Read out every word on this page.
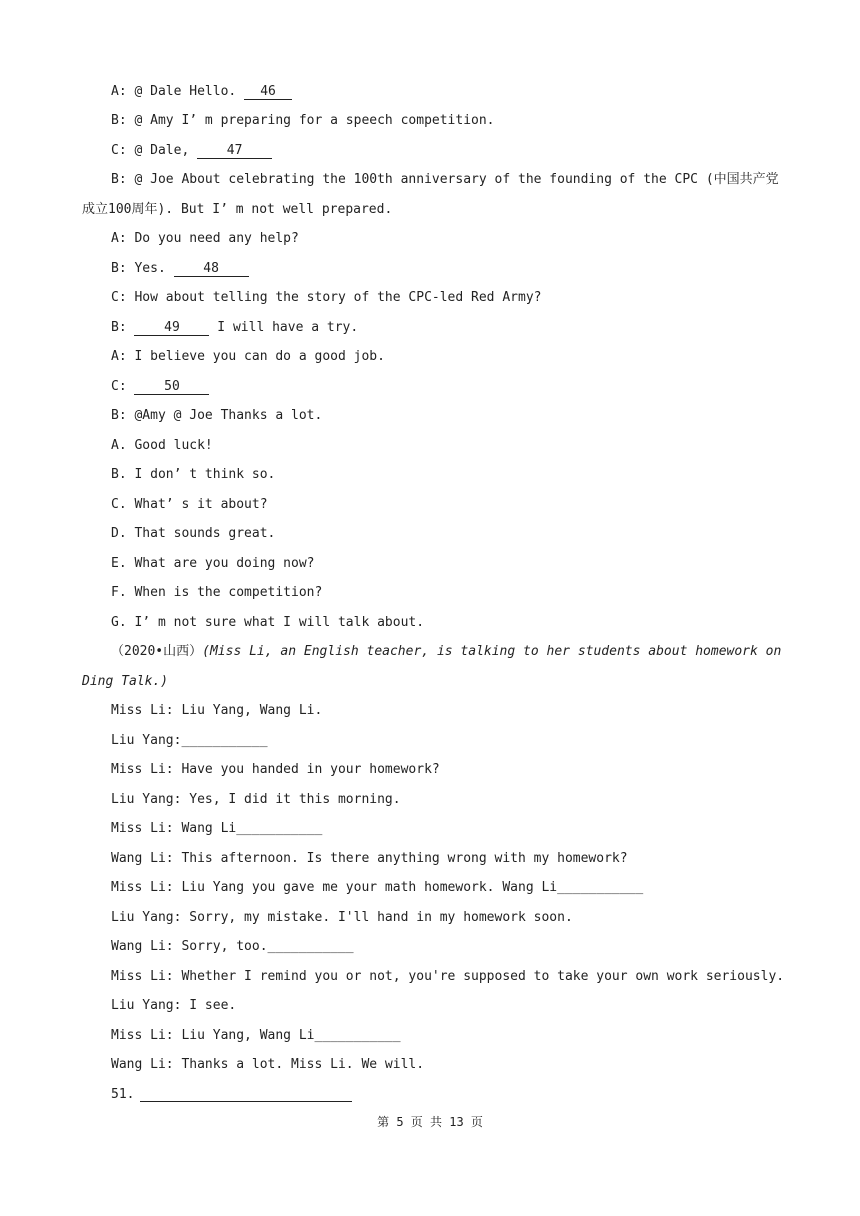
A: @ Dale Hello. 46
B: @ Amy I’ m preparing for a speech competition.
C: @ Dale, 47
B: @ Joe About celebrating the 100th anniversary of the founding of the CPC (中国共产党成立100周年). But I’ m not well prepared.
A: Do you need any help?
B: Yes. 48
C: How about telling the story of the CPC-led Red Army?
B: 49 I will have a try.
A: I believe you can do a good job.
C: 50
B: @Amy @ Joe Thanks a lot.
A. Good luck!
B. I don’ t think so.
C. What’ s it about?
D. That sounds great.
E. What are you doing now?
F. When is the competition?
G. I’ m not sure what I will talk about.
（2020•山西）(Miss Li, an English teacher, is talking to her students about homework on Ding Talk.)
Miss Li: Liu Yang, Wang Li.
Liu Yang:___________
Miss Li: Have you handed in your homework?
Liu Yang: Yes, I did it this morning.
Miss Li: Wang Li___________
Wang Li: This afternoon. Is there anything wrong with my homework?
Miss Li: Liu Yang you gave me your math homework. Wang Li___________
Liu Yang: Sorry, my mistake. I'll hand in my homework soon.
Wang Li: Sorry, too.___________
Miss Li: Whether I remind you or not, you're supposed to take your own work seriously.
Liu Yang: I see.
Miss Li: Liu Yang, Wang Li___________
Wang Li: Thanks a lot. Miss Li. We will.
51.
第 5 页 共 13 页
